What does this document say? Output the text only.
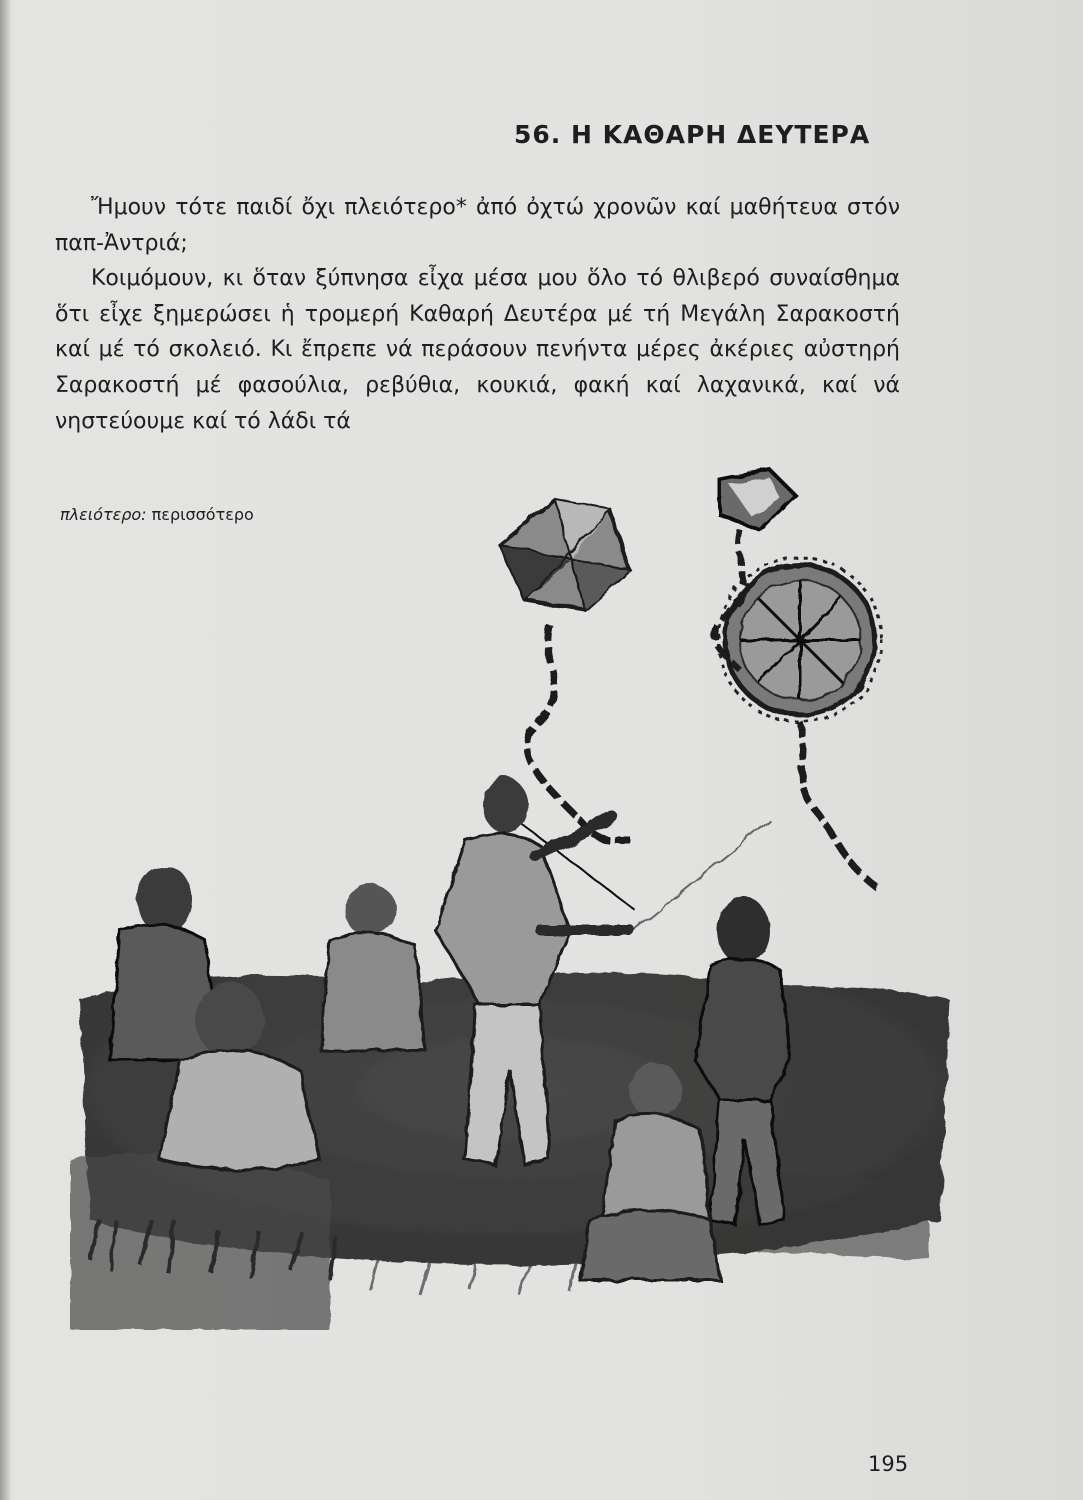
56. Η ΚΑΘΑΡΗ ΔΕΥΤΕΡΑ

Ἤμουν τότε παιδί ὄχι πλειότερο* ἀπό ὀχτώ χρονῶν καί μαθήτευα στόν παπ-Ἀντριά;

Κοιμόμουν, κι ὅταν ξύπνησα εἶχα μέσα μου ὅλο τό θλιβερό συναίσθημα ὅτι εἶχε ξημερώσει ἡ τρομερή Καθαρή Δευτέρα μέ τή Μεγάλη Σαρακοστή καί μέ τό σκολειό. Κι ἔπρεπε νά περάσουν πενήντα μέρες ἀκέριες αὐστηρή Σαρακοστή μέ φασούλια, ρεβύθια, κουκιά, φακή καί λαχανικά, καί νά νηστεύουμε καί τό λάδι τά

πλειότερο: περισσότερο
195
